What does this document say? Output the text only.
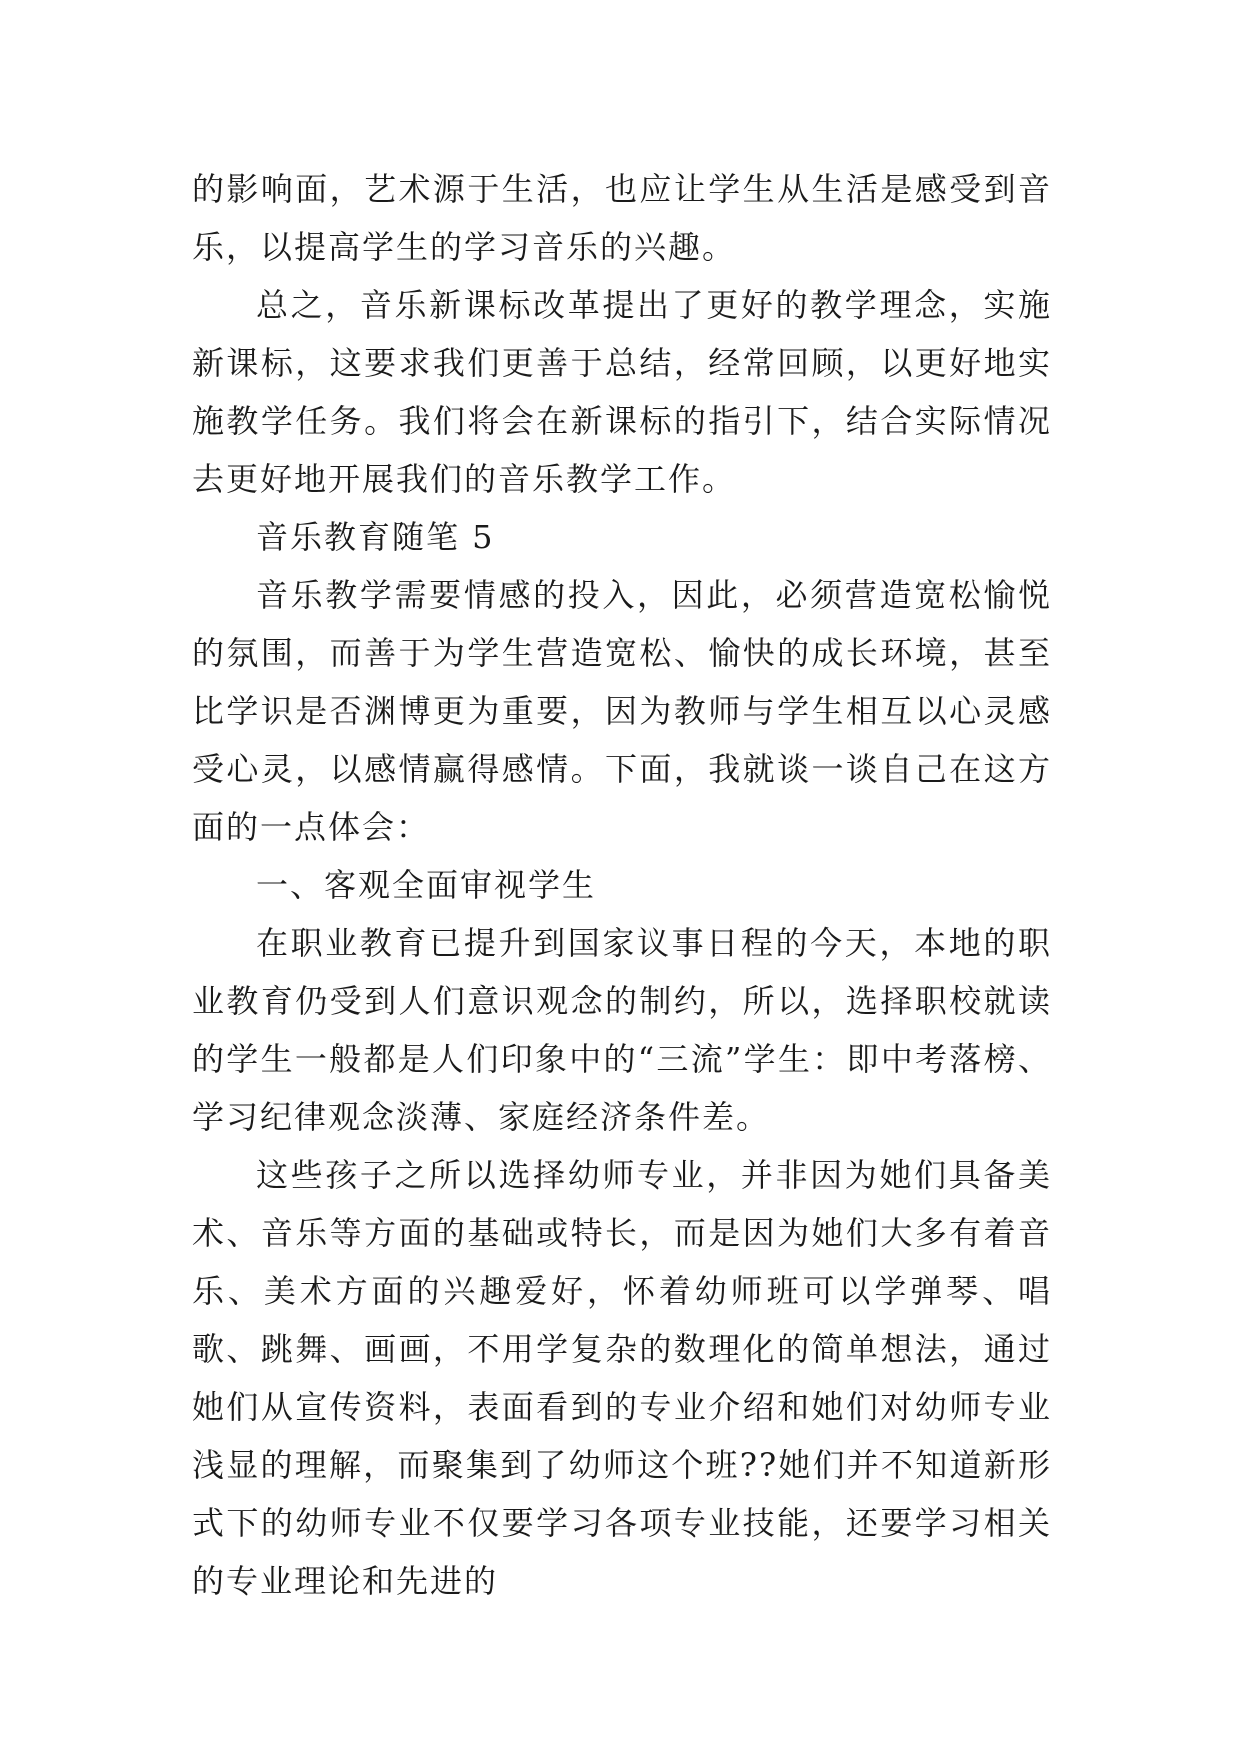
的影响面，艺术源于生活，也应让学生从生活是感受到音乐，以提高学生的学习音乐的兴趣。

总之，音乐新课标改革提出了更好的教学理念，实施新课标，这要求我们更善于总结，经常回顾，以更好地实施教学任务。我们将会在新课标的指引下，结合实际情况去更好地开展我们的音乐教学工作。

音乐教育随笔 5

音乐教学需要情感的投入，因此，必须营造宽松愉悦的氛围，而善于为学生营造宽松、愉快的成长环境，甚至比学识是否渊博更为重要，因为教师与学生相互以心灵感受心灵，以感情赢得感情。下面，我就谈一谈自己在这方面的一点体会：

一、客观全面审视学生

在职业教育已提升到国家议事日程的今天，本地的职业教育仍受到人们意识观念的制约，所以，选择职校就读的学生一般都是人们印象中的“三流”学生：即中考落榜、学习纪律观念淡薄、家庭经济条件差。

这些孩子之所以选择幼师专业，并非因为她们具备美术、音乐等方面的基础或特长，而是因为她们大多有着音乐、美术方面的兴趣爱好，怀着幼师班可以学弹琴、唱歌、跳舞、画画，不用学复杂的数理化的简单想法，通过她们从宣传资料，表面看到的专业介绍和她们对幼师专业浅显的理解，而聚集到了幼师这个班??她们并不知道新形式下的幼师专业不仅要学习各项专业技能，还要学习相关的专业理论和先进的
